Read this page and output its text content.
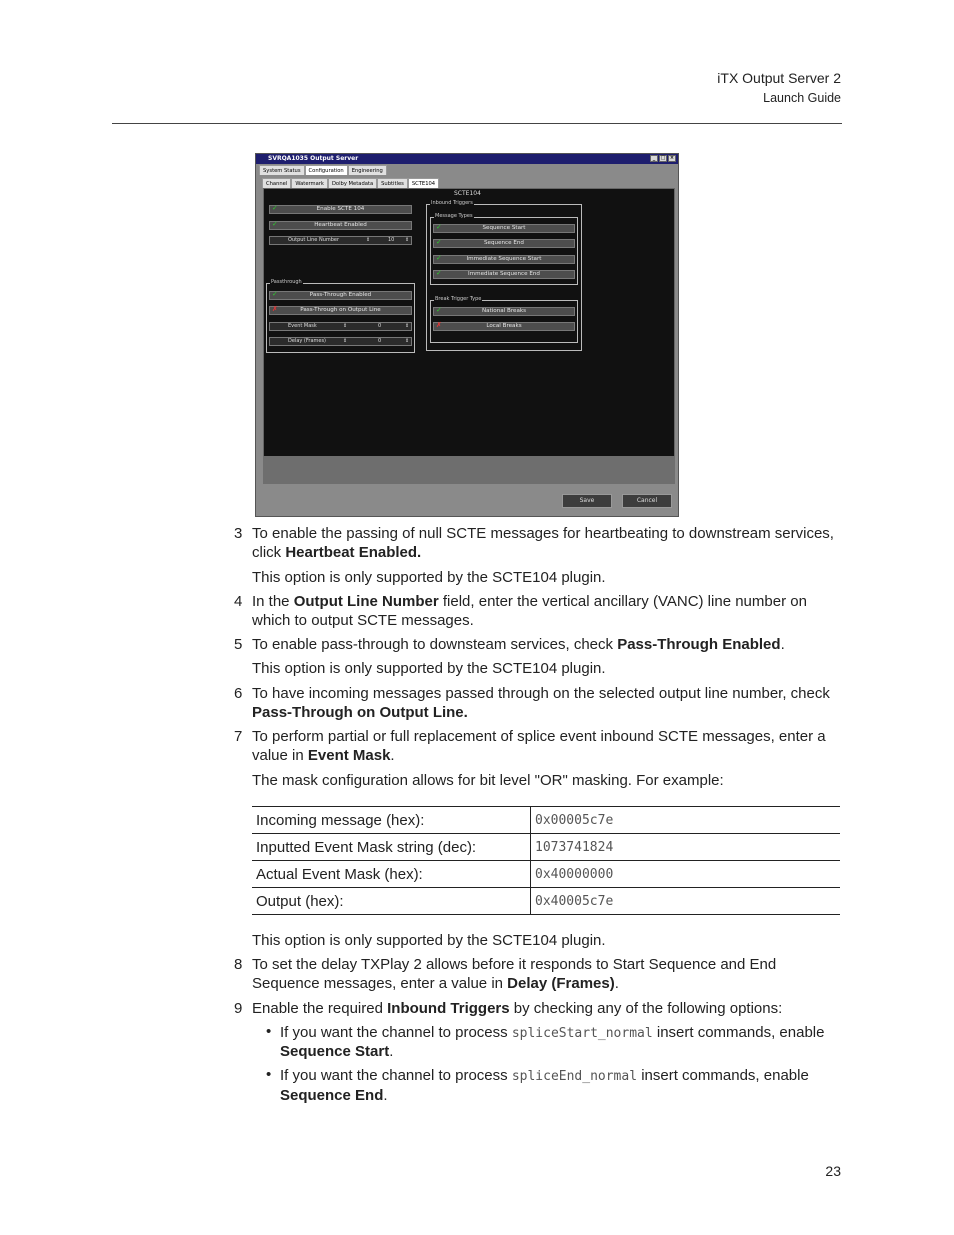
iTX Output Server 2
Launch Guide
SVRQA1035 Output Server	_	□ ×
System Status	Configuration	Engineering
Channel	Watermark	Dolby Metadata	Subtitles	SCTE104
SCTE104
✓	Enable SCTE 104
✓	Heartbeat Enabled
Output Line Number	⇕	10 ⇕
Passthrough
✓	Pass-Through Enabled
✗	Pass-Through on Output Line
Event Mask	⇕	0	⇕
Delay (Frames)	⇕	0	⇕
Inbound Triggers
Message Types
✓	Sequence Start
✓	Sequence End
✓	Immediate Sequence Start
✓	Immediate Sequence End
Break Trigger Type
✓	National Breaks
✗	Local Breaks
Save	Cancel
3 To enable the passing of null SCTE messages for heartbeating to downstream services,
click Heartbeat Enabled.
This option is only supported by the SCTE104 plugin.
4 In the Output Line Number field, enter the vertical ancillary (VANC) line number on
which to output SCTE messages.
5 To enable pass-through to downsteam services, check Pass-Through Enabled.
This option is only supported by the SCTE104 plugin.
6 To have incoming messages passed through on the selected output line number, check
Pass-Through on Output Line.
7 To perform partial or full replacement of splice event inbound SCTE messages, enter a
value in Event Mask.
The mask configuration allows for bit level "OR" masking. For example:
Incoming message (hex):	0x00005c7e
Inputted Event Mask string (dec):	1073741824
Actual Event Mask (hex):	0x40000000
Output (hex):	0x40005c7e
This option is only supported by the SCTE104 plugin.
8 To set the delay TXPlay 2 allows before it responds to Start Sequence and End
Sequence messages, enter a value in Delay (Frames).
9 Enable the required Inbound Triggers by checking any of the following options:
• If you want the channel to process spliceStart_normal insert commands, enable
Sequence Start.
• If you want the channel to process spliceEnd_normal insert commands, enable
Sequence End.
23
